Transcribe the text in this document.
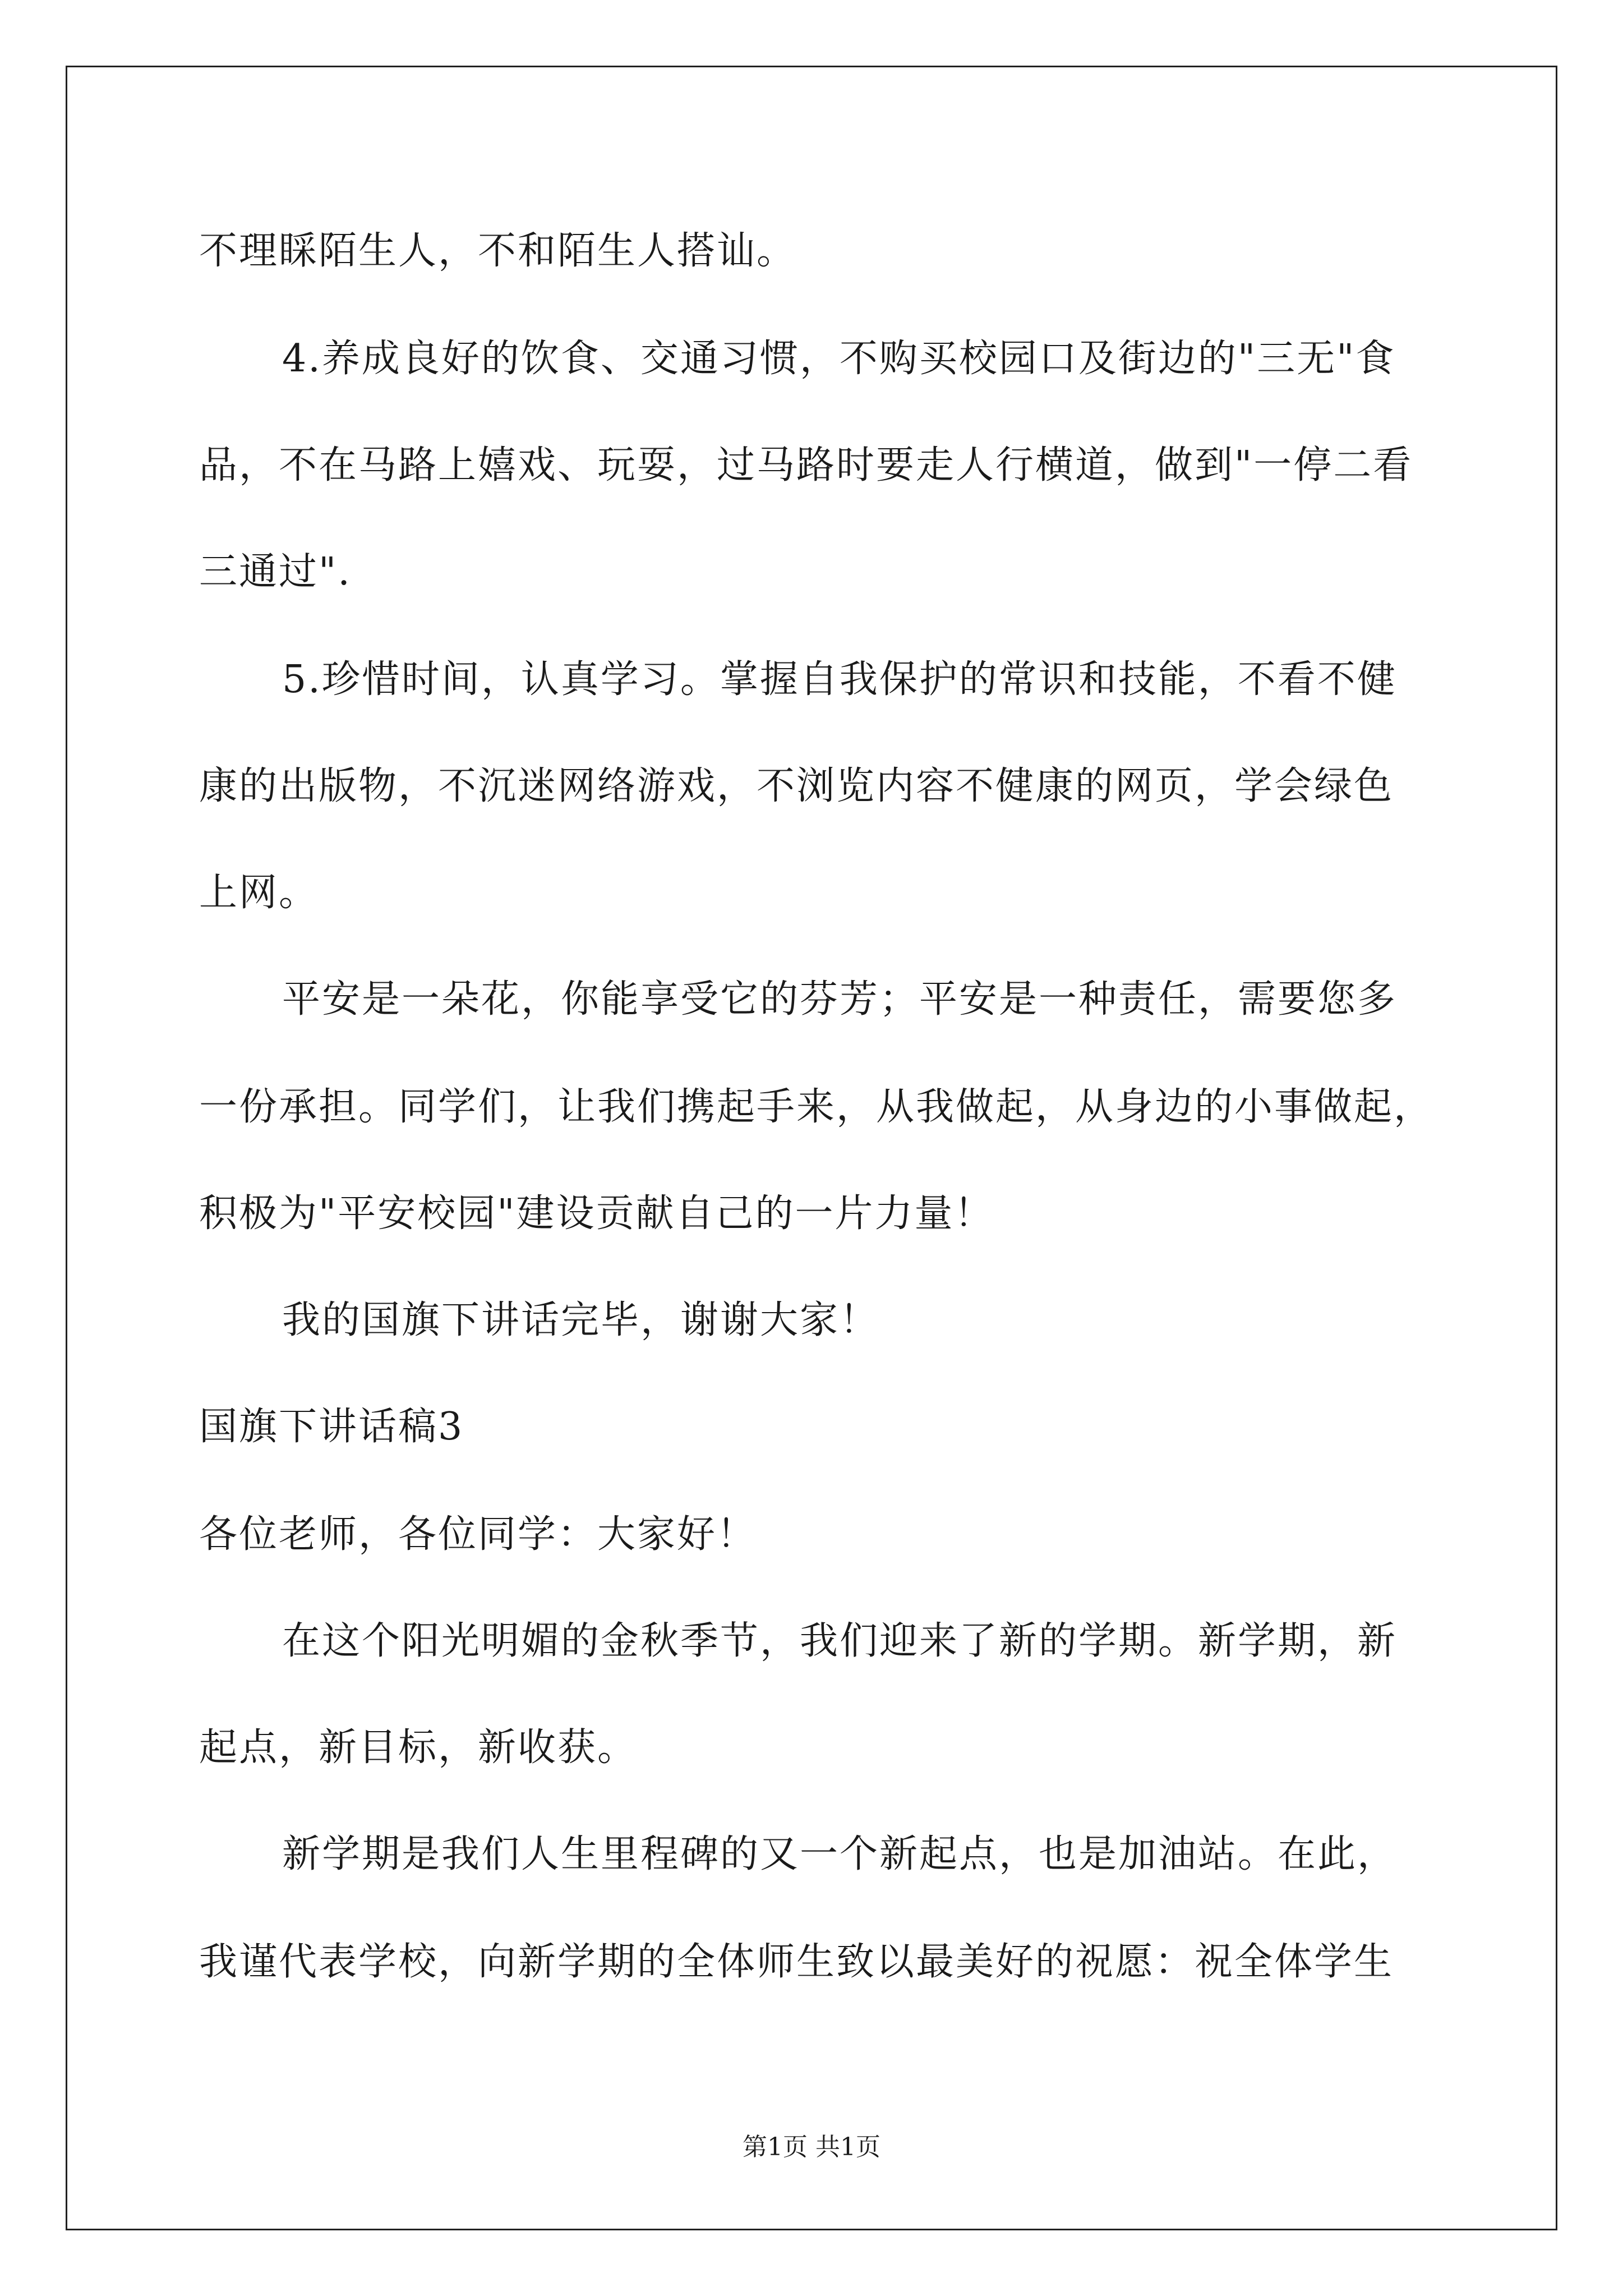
不理睬陌生人，不和陌生人搭讪。
4.养成良好的饮食、交通习惯，不购买校园口及街边的"三无"食
品，不在马路上嬉戏、玩耍，过马路时要走人行横道，做到"一停二看
三通过".
5.珍惜时间，认真学习。掌握自我保护的常识和技能，不看不健
康的出版物，不沉迷网络游戏，不浏览内容不健康的网页，学会绿色
上网。
平安是一朵花，你能享受它的芬芳；平安是一种责任，需要您多
一份承担。同学们，让我们携起手来，从我做起，从身边的小事做起，
积极为"平安校园"建设贡献自己的一片力量！
我的国旗下讲话完毕，谢谢大家！
国旗下讲话稿3
各位老师，各位同学：大家好！
在这个阳光明媚的金秋季节，我们迎来了新的学期。新学期，新
起点，新目标，新收获。
新学期是我们人生里程碑的又一个新起点，也是加油站。在此，
我谨代表学校，向新学期的全体师生致以最美好的祝愿：祝全体学生
第1页 共1页
